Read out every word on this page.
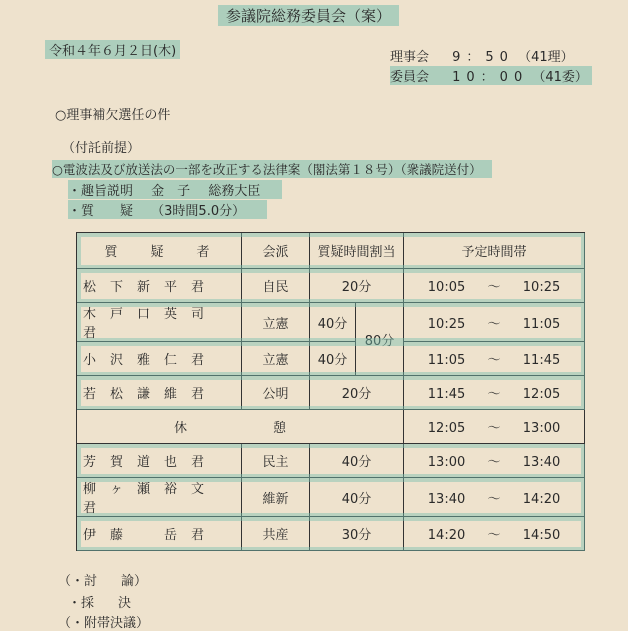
参議院総務委員会（案）
令和４年６月２日(木)	理事会 9：50 （41理）
委員会 10：00 （41委）
○理事補欠選任の件
（付託前提）
○電波法及び放送法の一部を改正する法律案（閣法第１８号）（衆議院送付）
・趣旨説明 金　子 総務大臣
・質　　疑 （3時間5.0分）
質　疑　者	会派	質疑時間割当		予定時間帯
松下新平君	自民	20分		10:05 ～ 10:25
木戸口英司君	立憲	40分	80分	10:25 ～ 11:05
小沢雅仁君	立憲	40分		11:05 ～ 11:45
若松謙維君	公明	20分		11:45 ～ 12:05
休　　憩				12:05 ～ 13:00
芳賀道也君	民主	40分		13:00 ～ 13:40
柳ヶ瀬裕文君	維新	40分		13:40 ～ 14:20
伊藤　岳君	共産	30分		14:20 ～ 14:50
（・討 論）
・採 決
（・附帯決議）
